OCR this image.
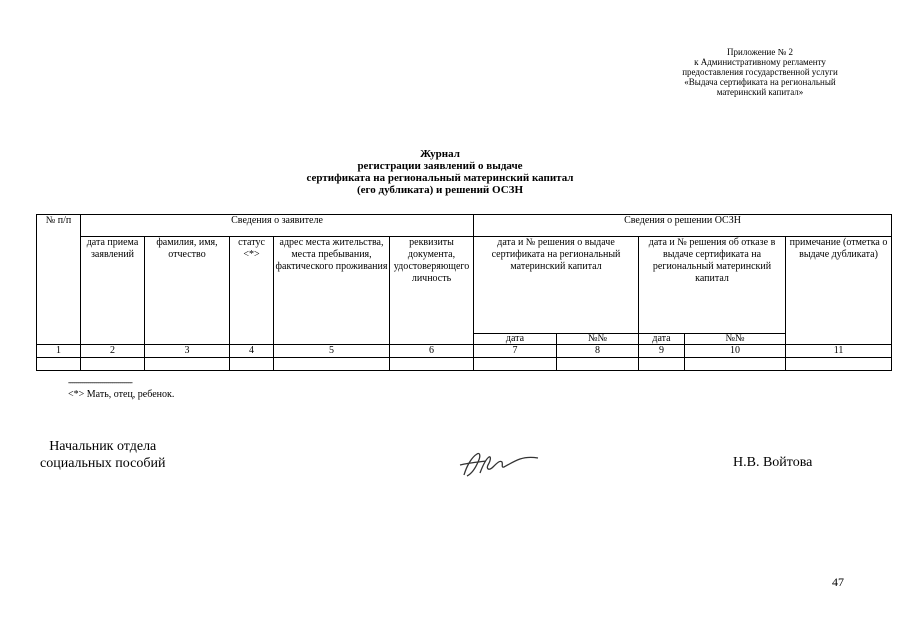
Приложение № 2
к Административному регламенту
предоставления государственной услуги
«Выдача сертификата на региональный
материнский капитал»
Журнал
регистрации заявлений о выдаче
сертификата на региональный материнский капитал
(его дубликата) и решений ОСЗН
№ п/п	Сведения о заявителе					Сведения о решении ОСЗН				
	дата приема заявлений	фамилия, имя, отчество	статус <*>	адрес места жительства, места пребывания, фактического проживания	реквизиты документа, удостоверяющего личность	дата и № решения о выдаче сертификата на региональный материнский капитал		дата и № решения об отказе в выдаче сертификата на региональный материнский капитал		примечание (отметка о выдаче дубликата)
						дата	№№	дата	№№	
1	2	3	4	5	6	7	8	9	10	11

--------------------------------
<*> Мать, отец, ребенок.
Начальник отдела
социальных пособий	Н.В. Войтова
47
